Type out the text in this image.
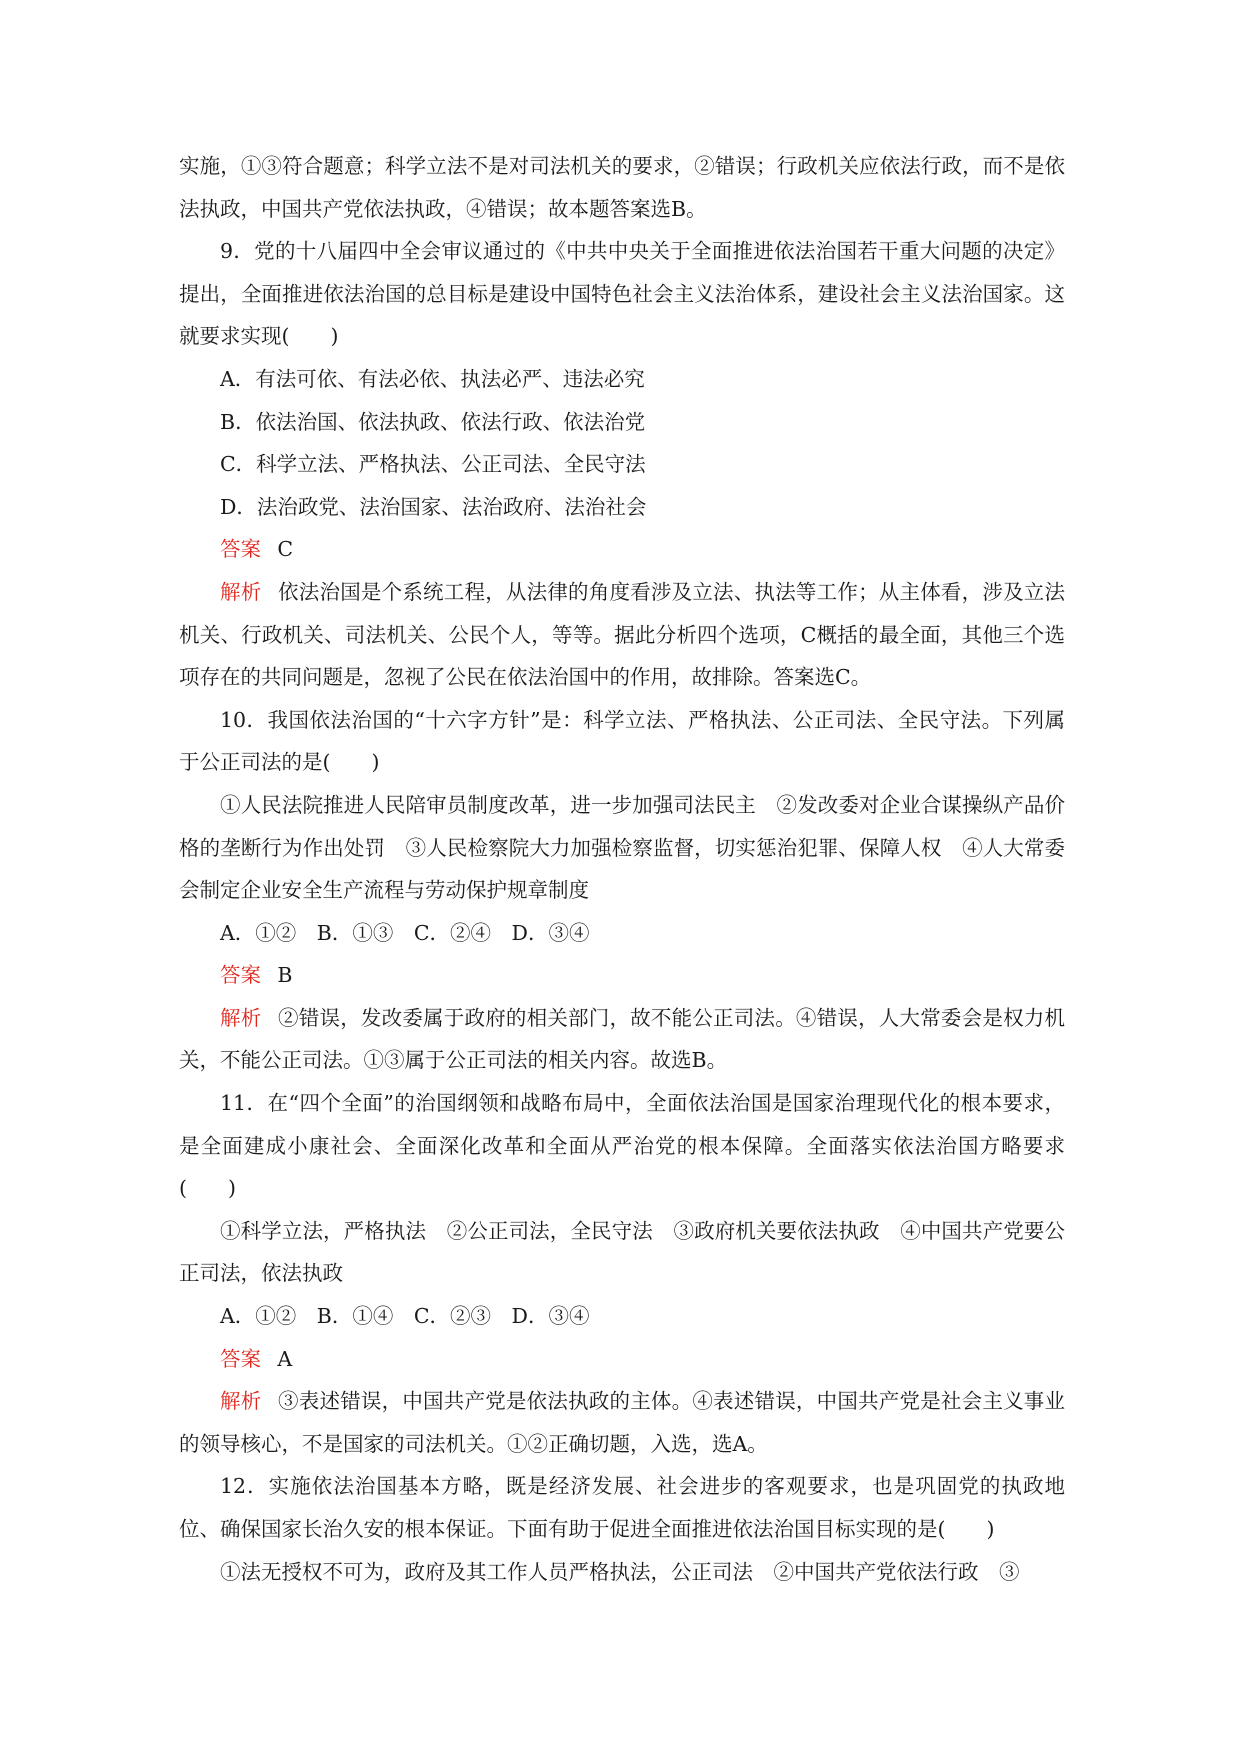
实施，①③符合题意；科学立法不是对司法机关的要求，②错误；行政机关应依法行政，而不是依法执政，中国共产党依法执政，④错误；故本题答案选B。

9．党的十八届四中全会审议通过的《中共中央关于全面推进依法治国若干重大问题的决定》提出，全面推进依法治国的总目标是建设中国特色社会主义法治体系，建设社会主义法治国家。这就要求实现(　　)

A．有法可依、有法必依、执法必严、违法必究

B．依法治国、依法执政、依法行政、依法治党

C．科学立法、严格执法、公正司法、全民守法

D．法治政党、法治国家、法治政府、法治社会

答案 C

解析 依法治国是个系统工程，从法律的角度看涉及立法、执法等工作；从主体看，涉及立法机关、行政机关、司法机关、公民个人，等等。据此分析四个选项，C概括的最全面，其他三个选项存在的共同问题是，忽视了公民在依法治国中的作用，故排除。答案选C。

10．我国依法治国的“十六字方针”是：科学立法、严格执法、公正司法、全民守法。下列属于公正司法的是(　　)

①人民法院推进人民陪审员制度改革，进一步加强司法民主　②发改委对企业合谋操纵产品价格的垄断行为作出处罚　③人民检察院大力加强检察监督，切实惩治犯罪、保障人权　④人大常委会制定企业安全生产流程与劳动保护规章制度

A．①②　B．①③　C．②④　D．③④

答案 B

解析 ②错误，发改委属于政府的相关部门，故不能公正司法。④错误，人大常委会是权力机关，不能公正司法。①③属于公正司法的相关内容。故选B。

11．在“四个全面”的治国纲领和战略布局中，全面依法治国是国家治理现代化的根本要求，是全面建成小康社会、全面深化改革和全面从严治党的根本保障。全面落实依法治国方略要求(　　)

①科学立法，严格执法　②公正司法，全民守法　③政府机关要依法执政　④中国共产党要公正司法，依法执政

A．①②　B．①④　C．②③　D．③④

答案 A

解析 ③表述错误，中国共产党是依法执政的主体。④表述错误，中国共产党是社会主义事业的领导核心，不是国家的司法机关。①②正确切题，入选，选A。

12．实施依法治国基本方略，既是经济发展、社会进步的客观要求，也是巩固党的执政地位、确保国家长治久安的根本保证。下面有助于促进全面推进依法治国目标实现的是(　　)

①法无授权不可为，政府及其工作人员严格执法，公正司法　②中国共产党依法行政　③
